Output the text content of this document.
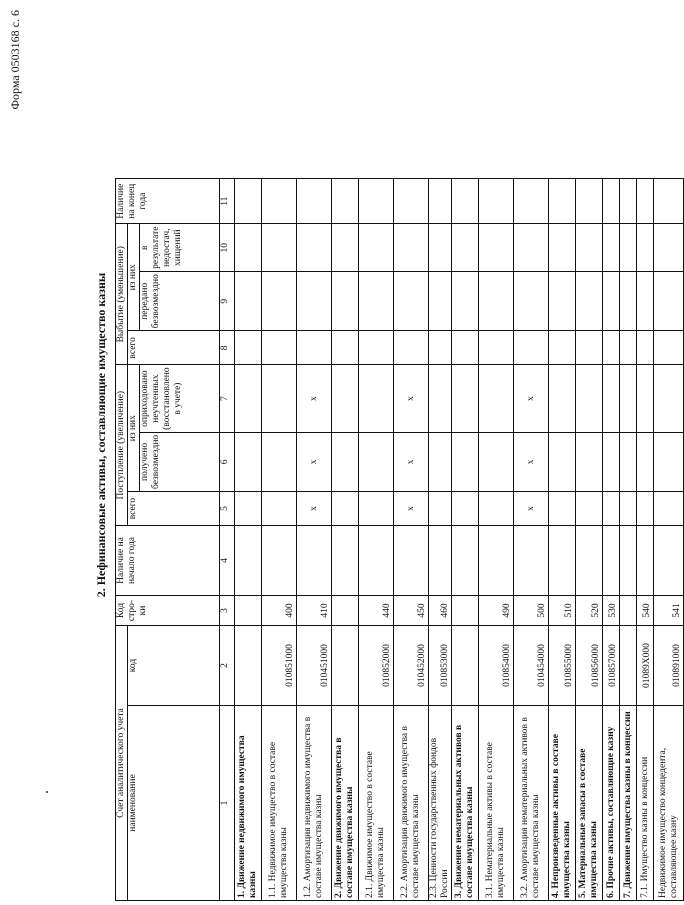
Форма 0503168 с. 6
2. Нефинансовые активы, составляющие имущество казны
Счет аналитического учета		Код стро-ки	Наличие на начало года	Поступление (увеличение)			Выбытие (уменьшение)			Наличие на конец года
наименование	код			всего	из них		всего	из них		
					получено безвозмездно	оприходовано неучтенных (восстановлено в учете)		передано безвозмездно	в результате недостач, хищений	
1	2	3	4	5	6	7	8	9	10	11
1. Движение недвижимого имущества казны										
1.1. Недвижимое имущество в составе имущества казны	010851000	400								
1.2. Амортизация недвижимого имущества в составе имущества казны	010451000	410		x	x	x				
2. Движение движимого имущества в составе имущества казны										
2.1. Движимое имущество в составе имущества казны	010852000	440								
2.2. Амортизация движимого имущества в составе имущества казны	010452000	450		x	x	x				
2.3. Ценности государственных фондов России	010853000	460								
3. Движение нематериальных активов в составе имущества казны										
3.1. Нематериальные активы в составе имущества казны	010854000	490								
3.2. Амортизация нематериальных активов в составе имущества казны	010454000	500		x	x	x				
4. Непроизведенные активы в составе имущества казны	010855000	510								
5. Материальные запасы в составе имущества казны	010856000	520								
6. Прочие активы, составляющие казну	010857000	530								
7. Движение имущества казны в концессии										
7.1. Имущество казны в концессии	01089X000	540								
Недвижимое имущество концедента, составляющее казну	010891000	541								
